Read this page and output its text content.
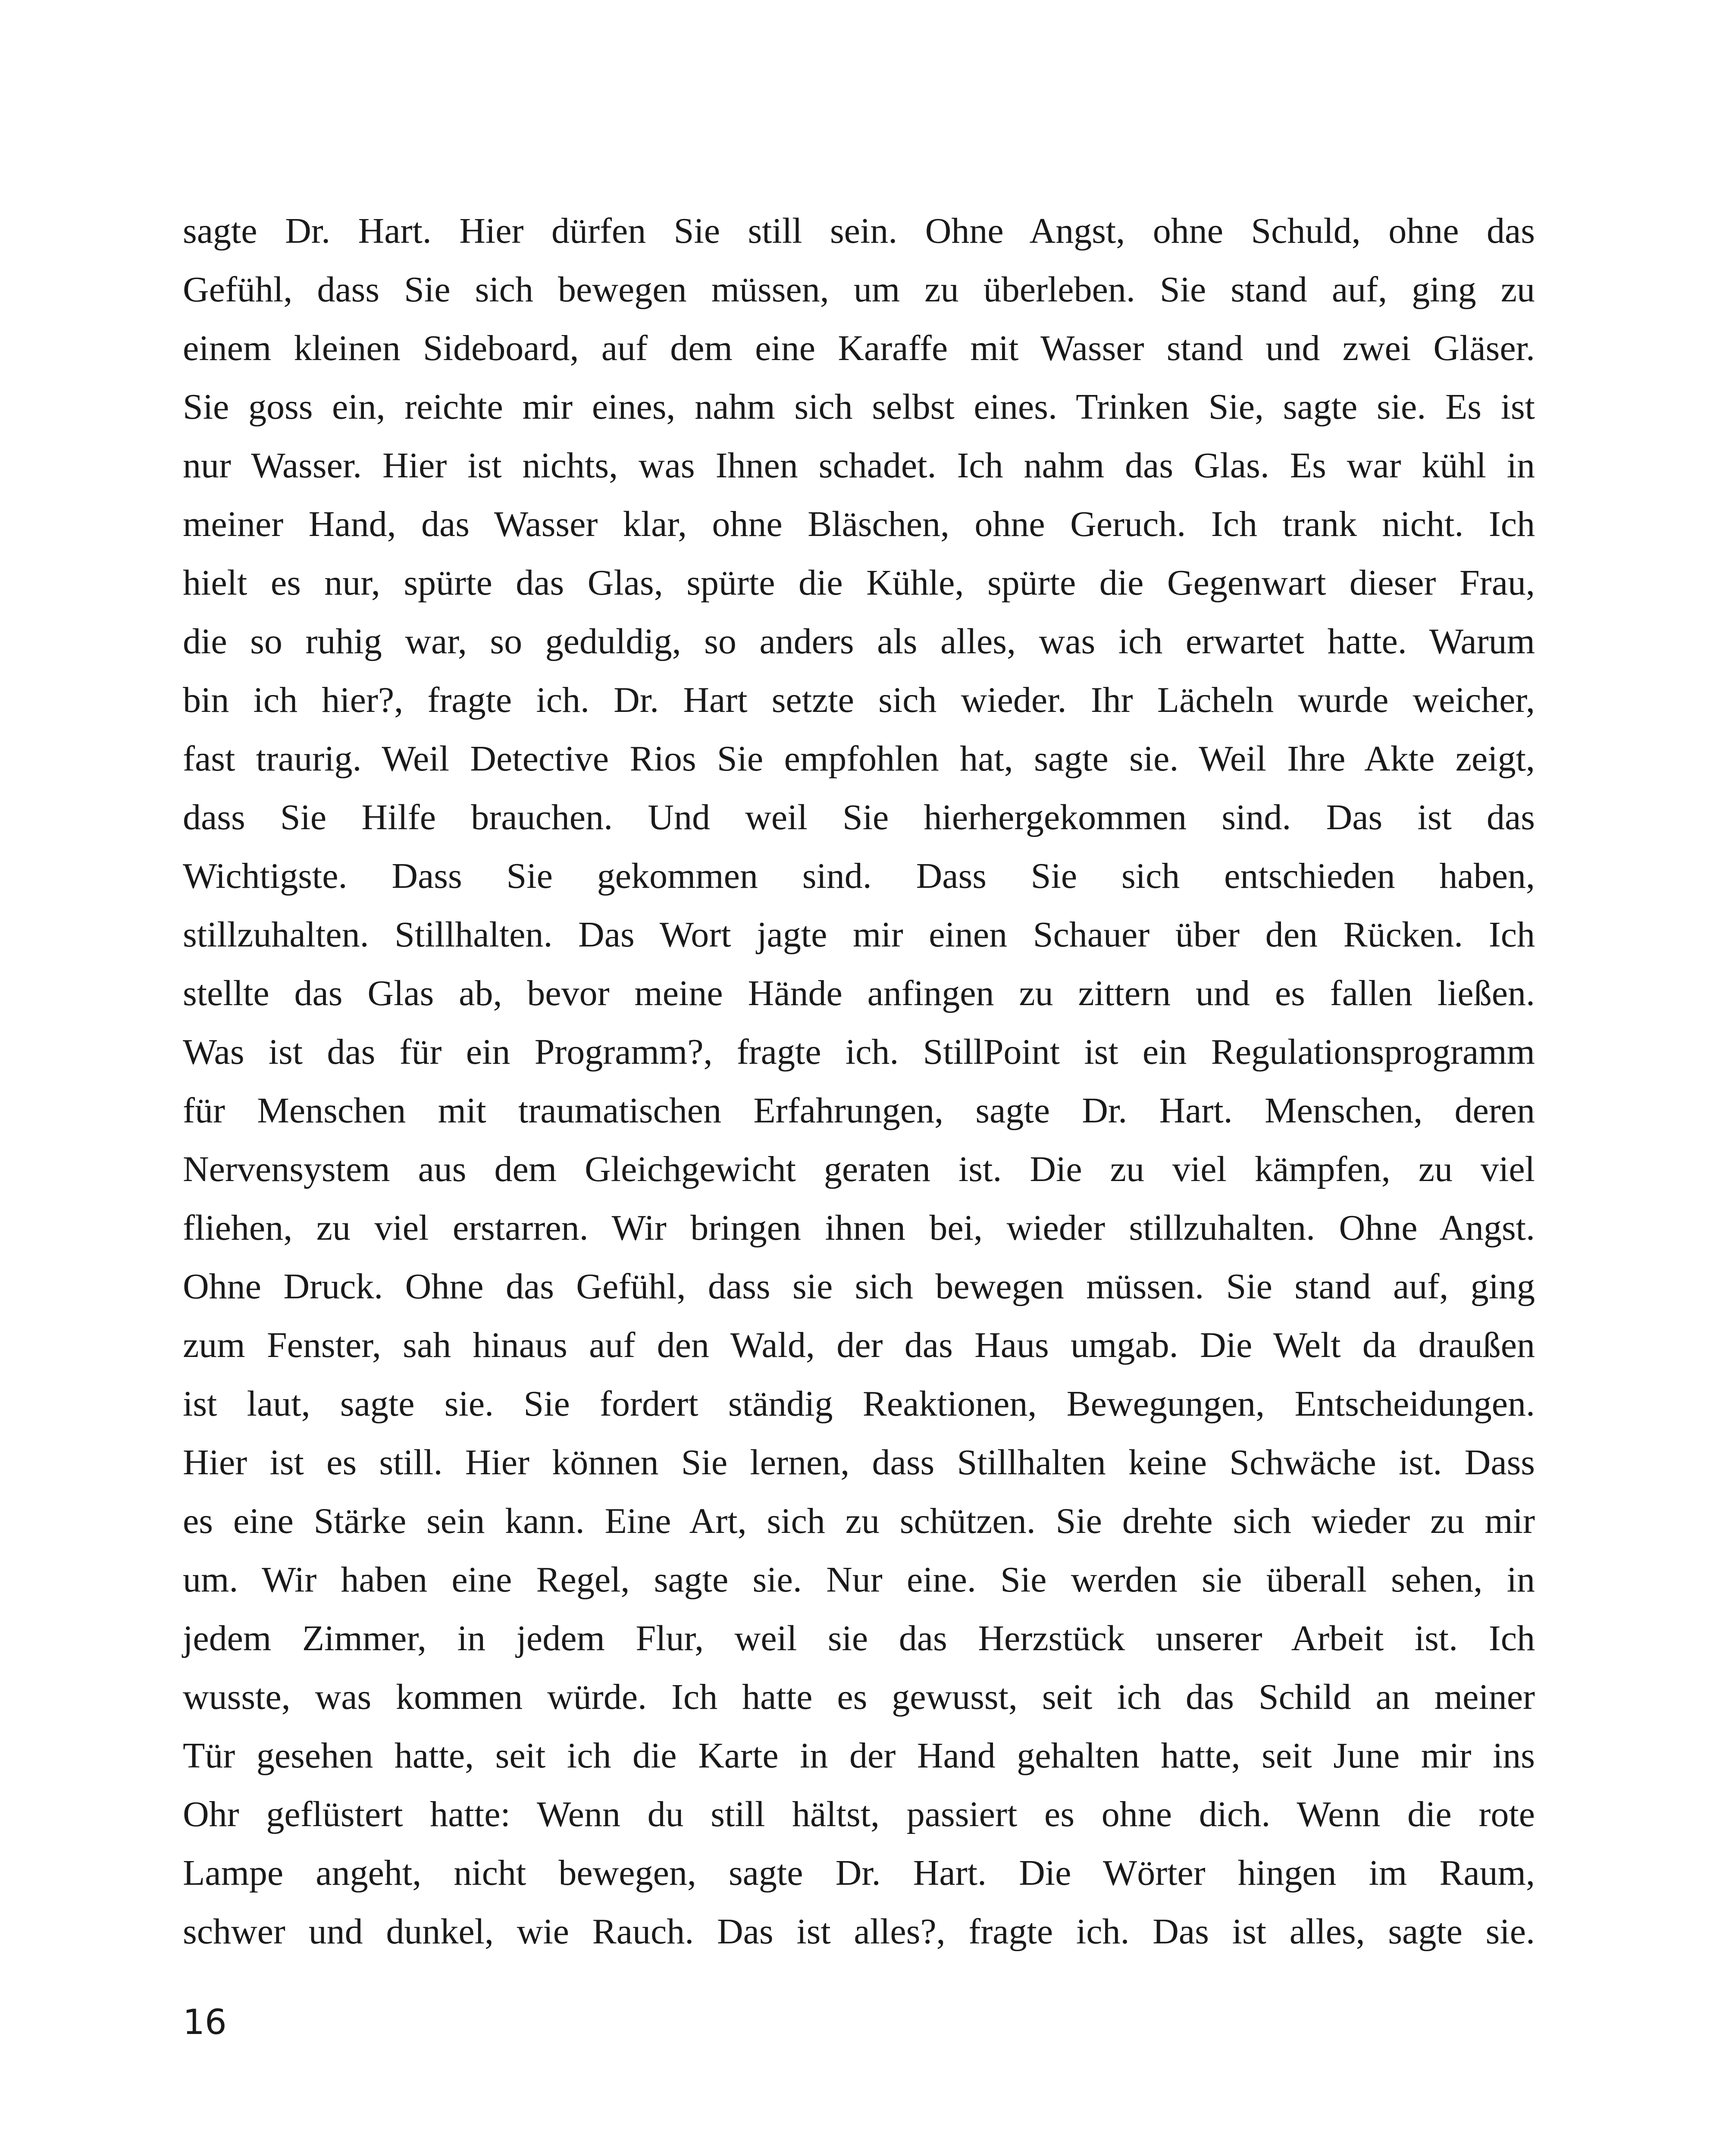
sagte Dr. Hart. Hier dürfen Sie still sein. Ohne Angst, ohne Schuld, ohne das
Gefühl, dass Sie sich bewegen müssen, um zu überleben. Sie stand auf, ging zu
einem kleinen Sideboard, auf dem eine Karaffe mit Wasser stand und zwei Gläser.
Sie goss ein, reichte mir eines, nahm sich selbst eines. Trinken Sie, sagte sie. Es ist
nur Wasser. Hier ist nichts, was Ihnen schadet. Ich nahm das Glas. Es war kühl in
meiner Hand, das Wasser klar, ohne Bläschen, ohne Geruch. Ich trank nicht. Ich
hielt es nur, spürte das Glas, spürte die Kühle, spürte die Gegenwart dieser Frau,
die so ruhig war, so geduldig, so anders als alles, was ich erwartet hatte. Warum
bin ich hier?, fragte ich. Dr. Hart setzte sich wieder. Ihr Lächeln wurde weicher,
fast traurig. Weil Detective Rios Sie empfohlen hat, sagte sie. Weil Ihre Akte zeigt,
dass Sie Hilfe brauchen. Und weil Sie hierhergekommen sind. Das ist das
Wichtigste. Dass Sie gekommen sind. Dass Sie sich entschieden haben,
stillzuhalten. Stillhalten. Das Wort jagte mir einen Schauer über den Rücken. Ich
stellte das Glas ab, bevor meine Hände anfingen zu zittern und es fallen ließen.
Was ist das für ein Programm?, fragte ich. StillPoint ist ein Regulationsprogramm
für Menschen mit traumatischen Erfahrungen, sagte Dr. Hart. Menschen, deren
Nervensystem aus dem Gleichgewicht geraten ist. Die zu viel kämpfen, zu viel
fliehen, zu viel erstarren. Wir bringen ihnen bei, wieder stillzuhalten. Ohne Angst.
Ohne Druck. Ohne das Gefühl, dass sie sich bewegen müssen. Sie stand auf, ging
zum Fenster, sah hinaus auf den Wald, der das Haus umgab. Die Welt da draußen
ist laut, sagte sie. Sie fordert ständig Reaktionen, Bewegungen, Entscheidungen.
Hier ist es still. Hier können Sie lernen, dass Stillhalten keine Schwäche ist. Dass
es eine Stärke sein kann. Eine Art, sich zu schützen. Sie drehte sich wieder zu mir
um. Wir haben eine Regel, sagte sie. Nur eine. Sie werden sie überall sehen, in
jedem Zimmer, in jedem Flur, weil sie das Herzstück unserer Arbeit ist. Ich
wusste, was kommen würde. Ich hatte es gewusst, seit ich das Schild an meiner
Tür gesehen hatte, seit ich die Karte in der Hand gehalten hatte, seit June mir ins
Ohr geflüstert hatte: Wenn du still hältst, passiert es ohne dich. Wenn die rote
Lampe angeht, nicht bewegen, sagte Dr. Hart. Die Wörter hingen im Raum,
schwer und dunkel, wie Rauch. Das ist alles?, fragte ich. Das ist alles, sagte sie.
16
